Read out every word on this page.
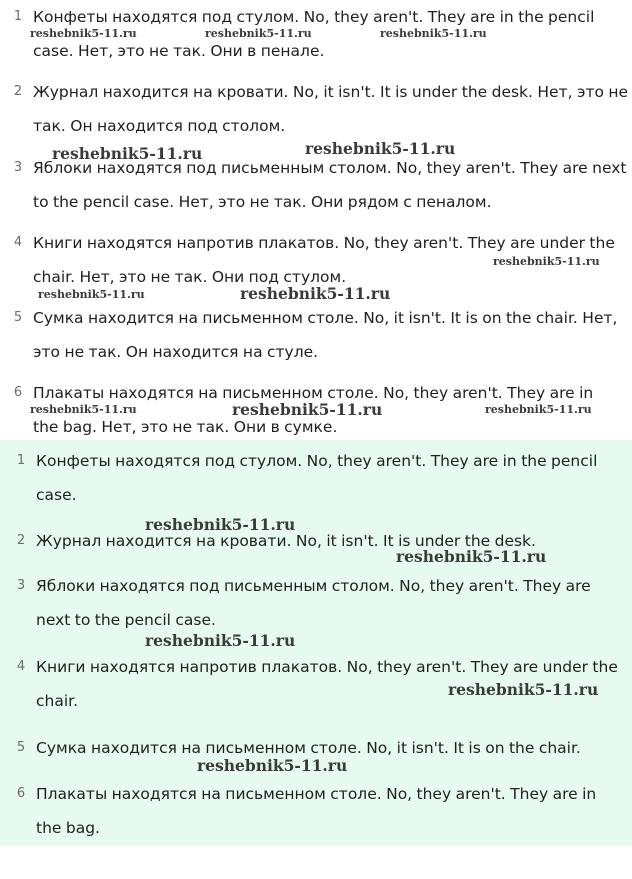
1 Конфеты находятся под стулом. No, they aren't. They are in the pencil case. Нет, это не так. Они в пенале.
2 Журнал находится на кровати. No, it isn't. It is under the desk. Нет, это не так. Он находится под столом.
3 Яблоки находятся под письменным столом. No, they aren't. They are next to the pencil case. Нет, это не так. Они рядом с пеналом.
4 Книги находятся напротив плакатов. No, they aren't. They are under the chair. Нет, это не так. Они под стулом.
5 Сумка находится на письменном столе. No, it isn't. It is on the chair. Нет, это не так. Он находится на стуле.
6 Плакаты находятся на письменном столе. No, they aren't. They are in the bag. Нет, это не так. Они в сумке.
1 Конфеты находятся под стулом. No, they aren't. They are in the pencil case.
2 Журнал находится на кровати. No, it isn't. It is under the desk.
3 Яблоки находятся под письменным столом. No, they aren't. They are next to the pencil case.
4 Книги находятся напротив плакатов. No, they aren't. They are under the chair.
5 Сумка находится на письменном столе. No, it isn't. It is on the chair.
6 Плакаты находятся на письменном столе. No, they aren't. They are in the bag.
reshebnik5-11.ru	reshebnik5-11.ru	reshebnik5-11.ru
reshebnik5-11.ru	reshebnik5-11.ru
reshebnik5-11.ru
reshebnik5-11.ru	reshebnik5-11.ru
reshebnik5-11.ru	reshebnik5-11.ru	reshebnik5-11.ru
reshebnik5-11.ru
reshebnik5-11.ru
reshebnik5-11.ru
reshebnik5-11.ru
reshebnik5-11.ru
